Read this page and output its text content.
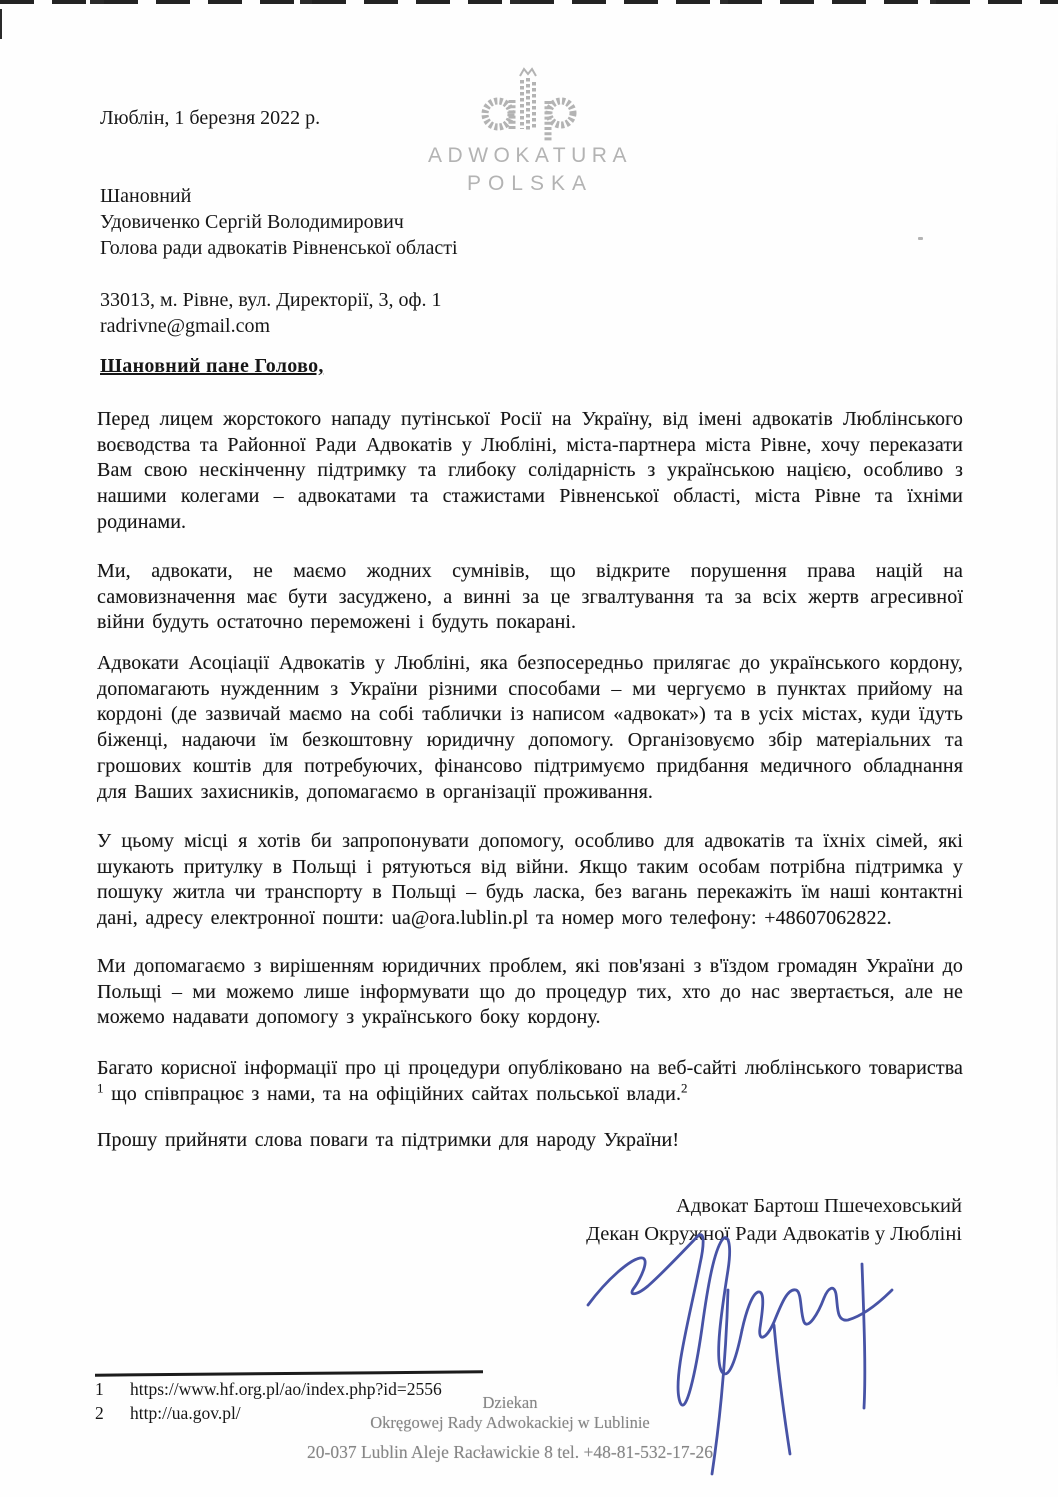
Люблін, 1 березня 2022 р.
ADWOKATURA
POLSKA
Шановний
Удовиченко Сергій Володимирович
Голова ради адвокатів Рівненської області
33013, м. Рівне, вул. Директорії, 3, оф. 1
radrivne@gmail.com
Шановний пане Голово,

Перед лицем жорстокого нападу путінської Росії на Україну, від імені адвокатів Люблінського воєводства та Районної Ради Адвокатів у Любліні, міста-партнера міста Рівне, хочу переказати Вам свою нескінченну підтримку та глибоку солідарність з українською нацією, особливо з нашими колегами – адвокатами та стажистами Рівненської області, міста Рівне та їхніми родинами.

Ми, адвокати, не маємо жодних сумнівів, що відкрите порушення права націй на самовизначення має бути засуджено, а винні за це згвалтування та за всіх жертв агресивної війни будуть остаточно переможені і будуть покарані.

Адвокати Асоціації Адвокатів у Любліні, яка безпосередньо прилягає до українського кордону, допомагають нужденним з України різними способами – ми чергуємо в пунктах прийому на кордоні (де зазвичай маємо на собі таблички із написом «адвокат») та в усіх містах, куди їдуть біженці, надаючи їм безкоштовну юридичну допомогу. Організовуємо збір матеріальних та грошових коштів для потребуючих, фінансово підтримуємо придбання медичного обладнання для Ваших захисників, допомагаємо в організації проживання.

У цьому місці я хотів би запропонувати допомогу, особливо для адвокатів та їхніх сімей, які шукають притулку в Польщі і рятуються від війни. Якщо таким особам потрібна підтримка у пошуку житла чи транспорту в Польщі – будь ласка, без вагань перекажіть їм наші контактні дані, адресу електронної пошти: ua@ora.lublin.pl та номер мого телефону: +48607062822.

Ми допомагаємо з вирішенням юридичних проблем, які пов'язані з в'їздом громадян України до Польщі – ми можемо лише інформувати що до процедур тих, хто до нас звертається, але не можемо надавати допомогу з українського боку кордону.

Багато корисної інформації про ці процедури опубліковано на веб-сайті люблінського товариства $^1$ що співпрацює з нами, та на офіційних сайтах польської влади.$^2$

Прошу прийняти слова поваги та підтримки для народу України!

Адвокат Бартош Пшечеховський
Декан Окружної Ради Адвокатів у Любліні
1	https://www.hf.org.pl/ao/index.php?id=2556
2	http://ua.gov.pl/	Dziekan
Okręgowej Rady Adwokackiej w Lublinie
20-037 Lublin Aleje Racławickie 8 tel. +48-81-532-17-26
